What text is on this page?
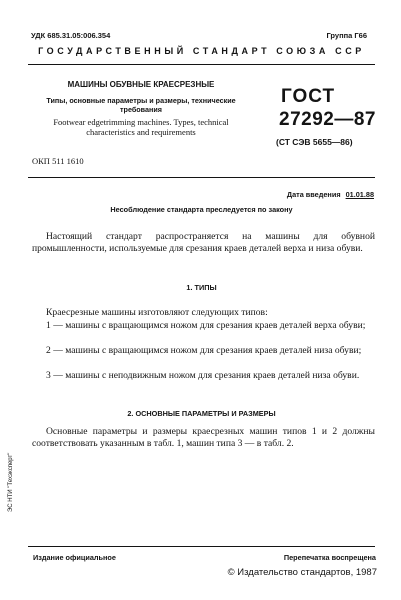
УДК 685.31.05:006.354	Группа Г66
ГОСУДАРСТВЕННЫЙ СТАНДАРТ СОЮЗА ССР
МАШИНЫ ОБУВНЫЕ КРАЕСРЕЗНЫЕ
Типы, основные параметры и размеры, технические требования
Footwear edgetrimming machines. Types, technical characteristics and requirements
ОКП 511 1610
ГОСТ
27292—87
(СТ СЭВ 5655—86)
Дата введения 01.01.88
Несоблюдение стандарта преследуется по закону
Настоящий стандарт распространяется на машины для обувной промышленности, используемые для срезания краев деталей верха и низа обуви.
1. ТИПЫ
Краесрезные машины изготовляют следующих типов:
1 — машины с вращающимся ножом для срезания краев деталей верха обуви;
2 — машины с вращающимся ножом для срезания краев деталей низа обуви;
3 — машины с неподвижным ножом для срезания краев деталей низа обуви.
2. ОСНОВНЫЕ ПАРАМЕТРЫ И РАЗМЕРЫ
Основные параметры и размеры краесрезных машин типов 1 и 2 должны соответствовать указанным в табл. 1, машин типа 3 — в табл. 2.
ЭС НТИ "Техэксперт"
Издание официальное	Перепечатка воспрещена
© Издательство стандартов, 1987
